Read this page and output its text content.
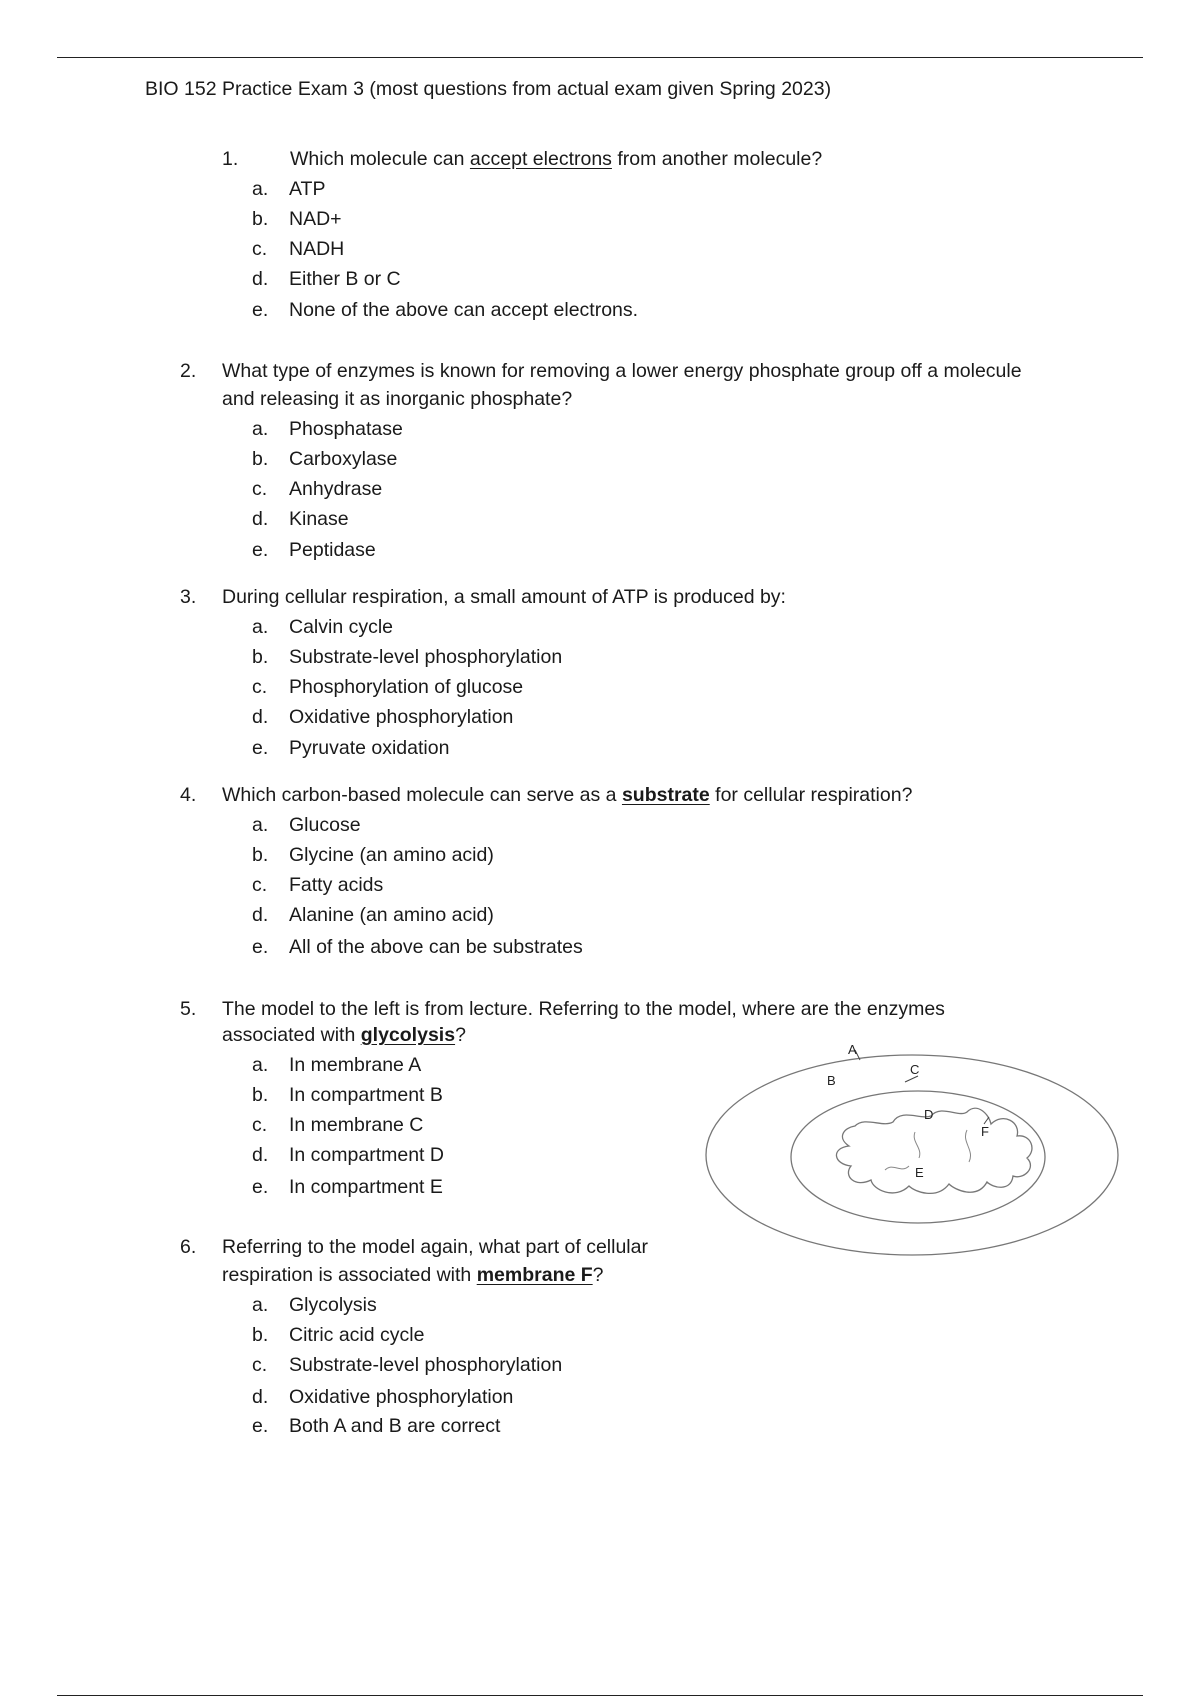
BIO 152 Practice Exam 3 (most questions from actual exam given Spring 2023)
1.	Which molecule can accept electrons from another molecule?
a. ATP
b. NAD+
c. NADH
d. Either B or C
e. None of the above can accept electrons.
2. What type of enzymes is known for removing a lower energy phosphate group off a molecule
and releasing it as inorganic phosphate?
a. Phosphatase
b. Carboxylase
c. Anhydrase
d. Kinase
e. Peptidase
3. During cellular respiration, a small amount of ATP is produced by:
a. Calvin cycle
b. Substrate-level phosphorylation
c. Phosphorylation of glucose
d. Oxidative phosphorylation
e. Pyruvate oxidation
4. Which carbon-based molecule can serve as a substrate for cellular respiration?
a. Glucose
b. Glycine (an amino acid)
c. Fatty acids
d. Alanine (an amino acid)
e. All of the above can be substrates
5. The model to the left is from lecture. Referring to the model, where are the enzymes
associated with glycolysis?
a. In membrane A
b. In compartment B
c. In membrane C
d. In compartment D
e. In compartment E
6. Referring to the model again, what part of cellular
respiration is associated with membrane F?
a. Glycolysis
b. Citric acid cycle
c. Substrate-level phosphorylation
d. Oxidative phosphorylation
e. Both A and B are correct
A
B
C
D
E
F
